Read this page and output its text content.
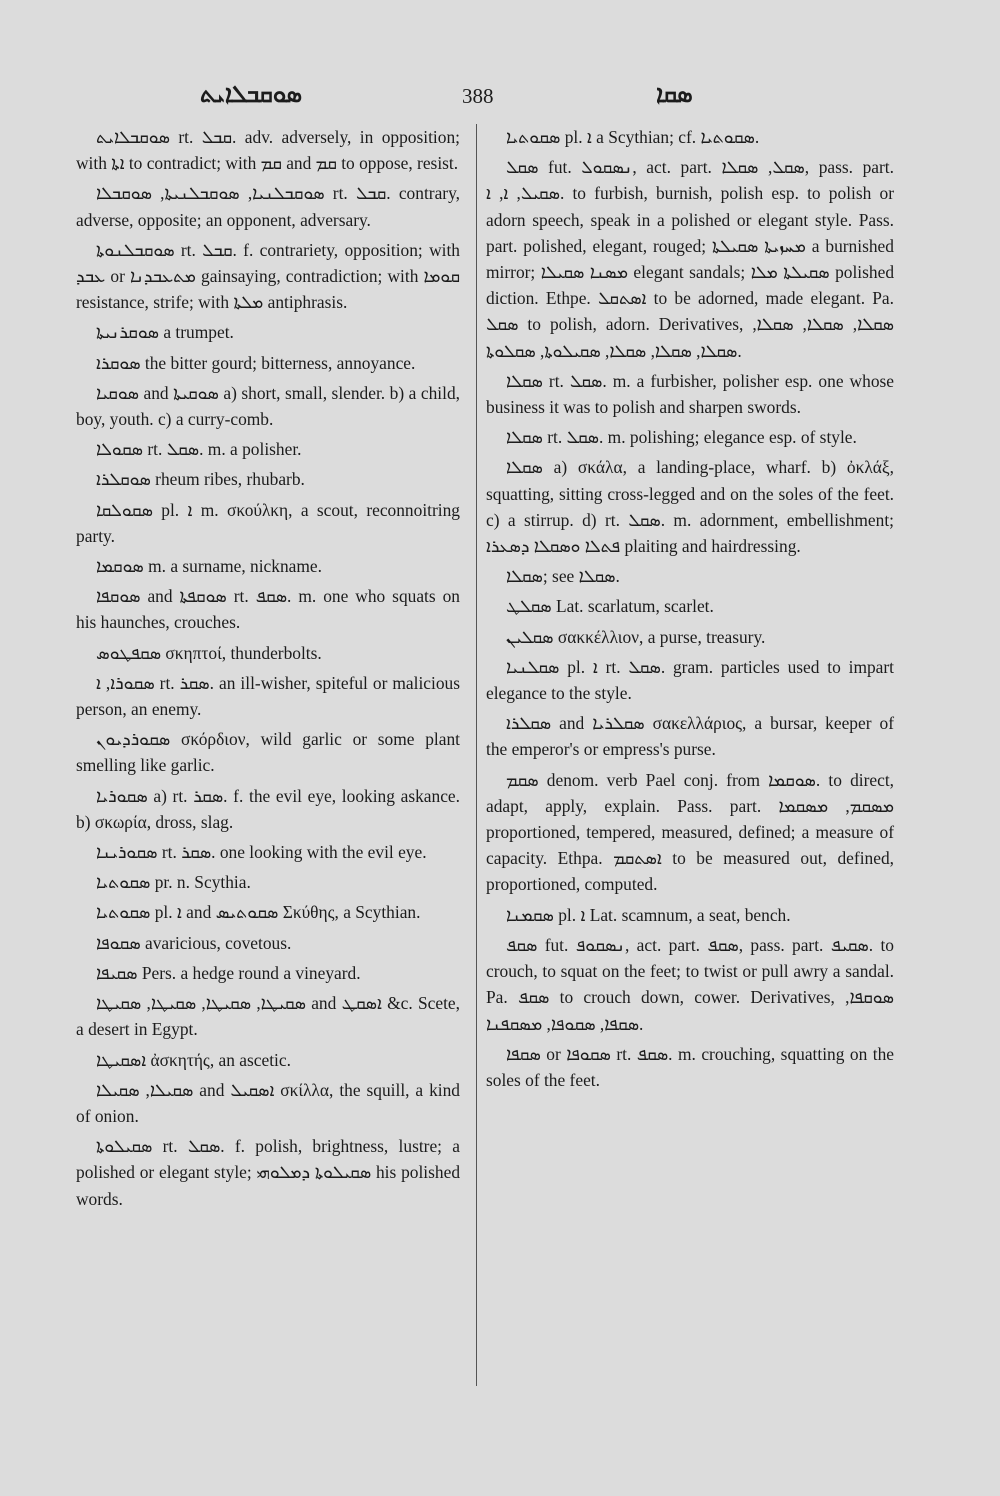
ܣܘܩܒܠܐܝܬ	388	ܣܩܐ

ܣܘܩܒܠܐܝܬ rt. ܩܒܠ. adv. adversely, in opposition; with ܐܬܐ to contradict; with ܩܡ and ܩܡ to oppose, resist.

ܣܘܩܒܠܢܝܐ, ܣܘܩܒܠܢܝܬܐ, ܣܘܩܒܠܐ rt. ܩܒܠ. contrary, adverse, opposite; an opponent, adversary.

ܣܘܩܒܠܢܘܬܐ rt. ܩܒܠ. f. contrariety, opposition; with ܥܒܕ or ܡܬܥܒܕܢܐ gainsaying, contradiction; with ܩܘܡܐ resistance, strife; with ܡܠܬܐ antiphrasis.

ܣܘܩܪܢܝܬܐ a trumpet.

ܣܘܩܪܐ the bitter gourd; bitterness, annoyance.

ܣܘܩܝܐ and ܣܘܩܝܬܐ a) short, small, slender. b) a child, boy, youth. c) a curry-comb.

ܣܩܘܠܐ rt. ܣܩܠ. m. a polisher.

ܣܘܩܠܪܐ rheum ribes, rhubarb.

ܣܩܘܠܩܐ pl. ܐ m. σκούλκη, a scout, reconnoitring party.

ܣܘܩܡܐ m. a surname, nickname.

ܣܘܩܦܐ and ܣܘܩܦܬܐ rt. ܣܩܦ. m. one who squats on his haunches, crouches.

ܣܩܦܛܘܣ σκηπτοί, thunderbolts.

ܣܩܘܪܐ, ܐ rt. ܣܩܪ. an ill-wisher, spiteful or malicious person, an enemy.

ܣܩܘܪܕܝܘܢ σκόρδιον, wild garlic or some plant smelling like garlic.

ܣܩܘܪܝܐ a) rt. ܣܩܪ. f. the evil eye, looking askance. b) σκωρία, dross, slag.

ܣܩܘܪܝܢܐ rt. ܣܩܪ. one looking with the evil eye.

ܣܩܘܬܝܐ pr. n. Scythia.

ܣܩܘܬܝܐ pl. ܐ and ܣܩܘܬܝܣ Σκύθης, a Scythian.

ܣܩܘܦܐ avaricious, covetous.

ܣܩܝܦܐ Pers. a hedge round a vineyard.

ܣܩܝܛܐ, ܣܩܝܛܐ, ܣܩܝܛܐ, ܣܩܝܛܐ and ܐܣܩܛ &c. Scete, a desert in Egypt.

ܐܣܩܝܛܐ ἀσκητής, an ascetic.

ܣܩܝܠܐ, ܣܩܝܠܐ and ܐܣܩܝܠ σκίλλα, the squill, a kind of onion.

ܣܩܝܠܘܬܐ rt. ܣܩܠ. f. polish, brightness, lustre; a polished or elegant style; ܣܩܝܠܘܬܐ ܕܡܠܘܗܝ his polished words.

ܣܩܘܬܝܐ pl. ܐ a Scythian; cf. ܣܩܘܬܝܐ.

ܣܩܠ fut. ܢܣܩܘܠ, act. part. ܣܩܠ, ܣܩܠܐ, pass. part. ܣܩܝܠ, ܐ, ܐ. to furbish, burnish, polish esp. to polish or adorn speech, speak in a polished or elegant style. Pass. part. polished, elegant, rouged; ܡܚܙܝܬܐ ܣܩܝܠܬܐ a burnished mirror; ܡܣܢܐ ܣܩܝܠܐ elegant sandals; ܣܩܝܠܬܐ ܡܠܐ polished diction. Ethpe. ܐܣܬܩܠ to be adorned, made elegant. Pa. ܣܩܠ to polish, adorn. Derivatives, ܣܩܠܐ, ܣܩܠܐ, ܣܩܠܐ, ܣܩܠܐ, ܣܩܠܐ, ܣܩܠܐ, ܣܩܝܠܘܬܐ, ܣܩܠܘܬܐ.

ܣܩܠܐ rt. ܣܩܠ. m. a furbisher, polisher esp. one whose business it was to polish and sharpen swords.

ܣܩܠܐ rt. ܣܩܠ. m. polishing; elegance esp. of style.

ܣܩܠܐ a) σκάλα, a landing-place, wharf. b) ὀκλάξ, squatting, sitting cross-legged and on the soles of the feet. c) a stirrup. d) rt. ܣܩܠ. m. adornment, embellishment; ܦܬܠܐ ܘܣܩܠܐ ܕܣܥܪܐ plaiting and hairdressing.

ܣܩܠܐ; see ܣܩܠܐ.

ܣܩܠܛ Lat. scarlatum, scarlet.

ܣܩܠܝܢ σακκέλλιον, a purse, treasury.

ܣܩܠܢܝܐ pl. ܐ rt. ܣܩܠ. gram. particles used to impart elegance to the style.

ܣܩܠܪܐ and ܣܩܠܪܝܐ σακελλάριος, a bursar, keeper of the emperor's or empress's purse.

ܣܩܡ denom. verb Pael conj. from ܣܘܩܡܐ. to direct, adapt, apply, explain. Pass. part. ܡܣܩܡ, ܡܣܩܡܐ proportioned, tempered, measured, defined; a measure of capacity. Ethpa. ܐܣܬܩܡ to be measured out, defined, proportioned, computed.

ܣܩܡܢܐ pl. ܐ Lat. scamnum, a seat, bench.

ܣܩܦ fut. ܢܣܩܘܦ, act. part. ܣܩܦ, pass. part. ܣܩܝܦ. to crouch, to squat on the feet; to twist or pull awry a sandal. Pa. ܣܩܦ to crouch down, cower. Derivatives, ܣܘܩܦܐ, ܣܩܦܐ, ܣܩܘܦܐ, ܡܣܩܦܢܐ.

ܣܩܦܐ or ܣܩܘܦܐ rt. ܣܩܦ. m. crouching, squatting on the soles of the feet.
